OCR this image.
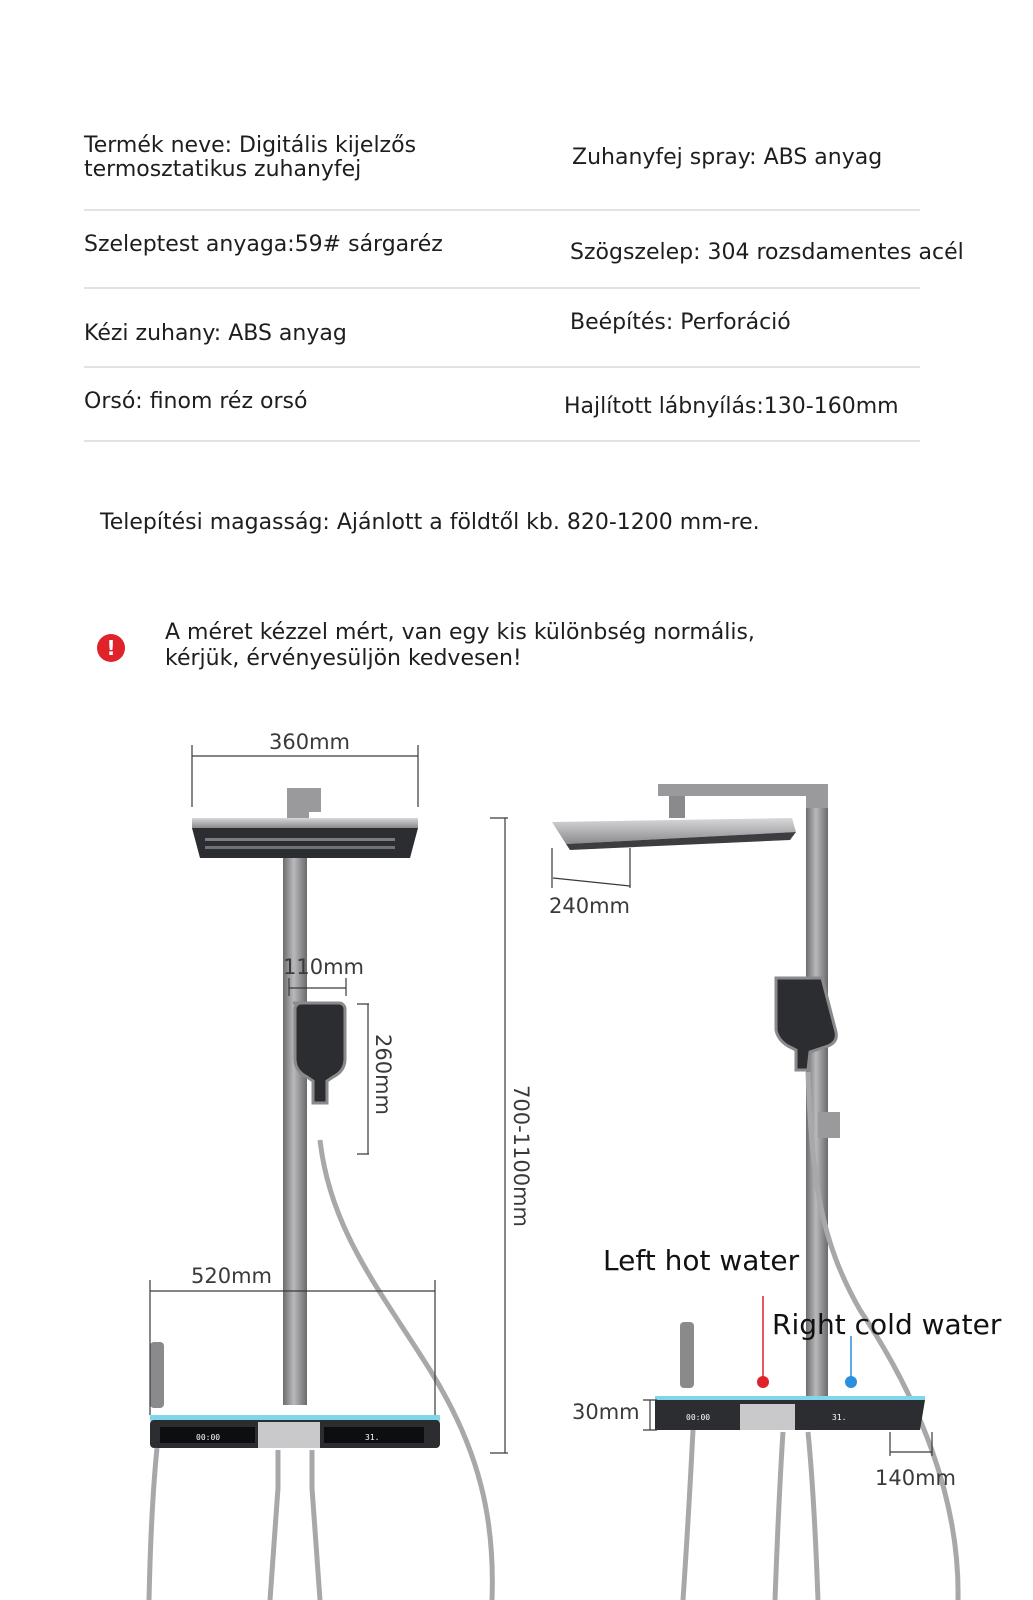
Termék neve: Digitális kijelzős
termosztatikus zuhanyfej	Zuhanyfej spray: ABS anyag
Szeleptest anyaga:59# sárgaréz	Szögszelep: 304 rozsdamentes acél
Kézi zuhany: ABS anyag	Beépítés: Perforáció
Orsó: finom réz orsó	Hajlított lábnyílás:130-160mm
Telepítési magasság: Ajánlott a földtől kb. 820-1200 mm-re.
!
A méret kézzel mért, van egy kis különbség normális,
kérjük, érvényesüljön kedvesen!
00:00	31.
00:00	31.
360mm
110mm
260mm
700-1100mm
520mm
240mm
30mm
140mm
Left hot water
Right cold water
